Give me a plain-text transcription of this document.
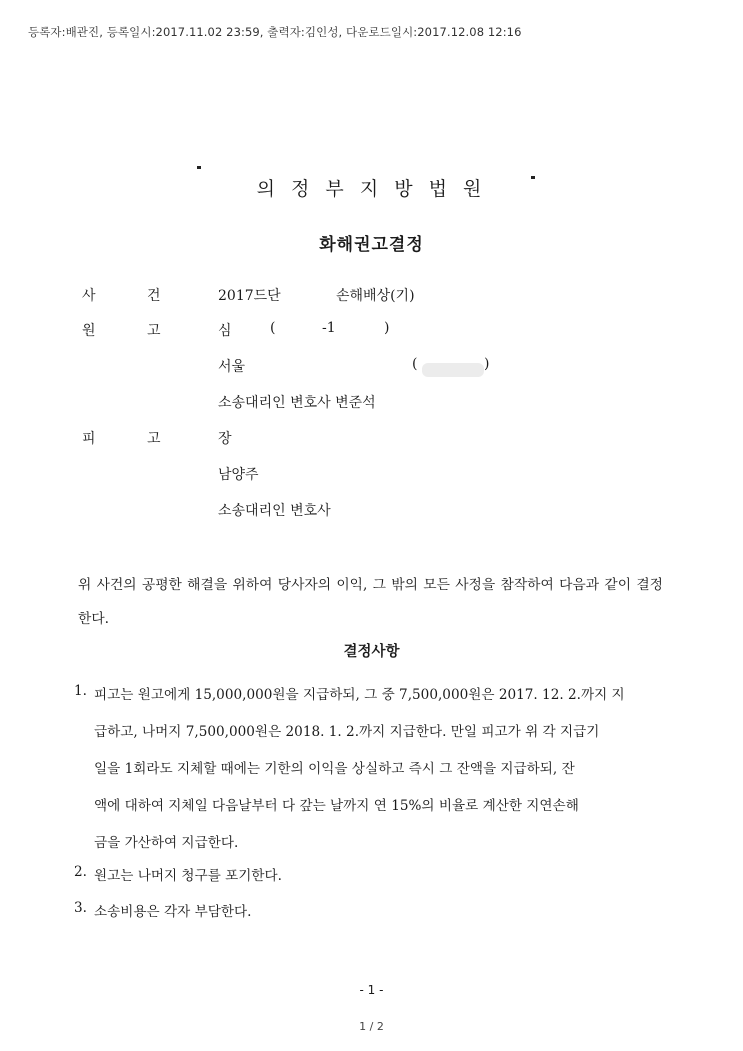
등록자:배관진, 등록일시:2017.11.02 23:59, 출력자:김인성, 다운로드일시:2017.12.08 12:16
의 정 부 지 방 법 원
화해권고결정
사	건	2017드단	손해배상(기)
원	고	심	(	-1	)
서울	(	)
소송대리인 변호사 변준석
피	고	장
남양주
소송대리인 변호사
위 사건의 공평한 해결을 위하여 당사자의 이익, 그 밖의 모든 사정을 참작하여 다음과 같이 결정한다.
결정사항
1. 피고는 원고에게 15,000,000원을 지급하되, 그 중 7,500,000원은 2017. 12. 2.까지 지
급하고, 나머지 7,500,000원은 2018. 1. 2.까지 지급한다. 만일 피고가 위 각 지급기
일을 1회라도 지체할 때에는 기한의 이익을 상실하고 즉시 그 잔액을 지급하되, 잔
액에 대하여 지체일 다음날부터 다 갚는 날까지 연 15%의 비율로 계산한 지연손해
금을 가산하여 지급한다.
2. 원고는 나머지 청구를 포기한다.
3. 소송비용은 각자 부담한다.
- 1 -
1 / 2
